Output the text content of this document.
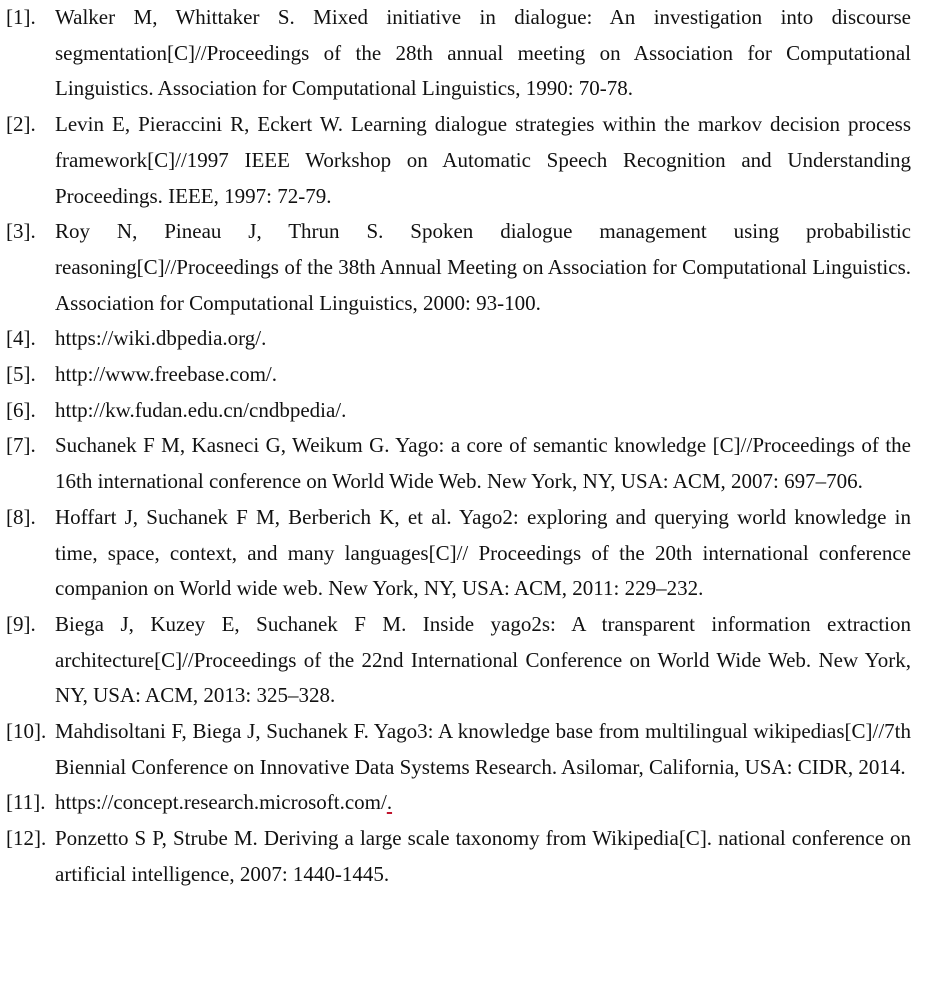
[1]. Walker M, Whittaker S. Mixed initiative in dialogue: An investigation into discourse segmentation[C]//Proceedings of the 28th annual meeting on Association for Computational Linguistics. Association for Computational Linguistics, 1990: 70-78.

[2]. Levin E, Pieraccini R, Eckert W. Learning dialogue strategies within the markov decision process framework[C]//1997 IEEE Workshop on Automatic Speech Recognition and Understanding Proceedings. IEEE, 1997: 72-79.

[3]. Roy N, Pineau J, Thrun S. Spoken dialogue management using probabilistic reasoning[C]//Proceedings of the 38th Annual Meeting on Association for Computational Linguistics. Association for Computational Linguistics, 2000: 93-100.

[4]. https://wiki.dbpedia.org/.

[5]. http://www.freebase.com/.

[6]. http://kw.fudan.edu.cn/cndbpedia/.

[7]. Suchanek F M, Kasneci G, Weikum G. Yago: a core of semantic knowledge [C]//Proceedings of the 16th international conference on World Wide Web. New York, NY, USA: ACM, 2007: 697–706.

[8]. Hoffart J, Suchanek F M, Berberich K, et al. Yago2: exploring and querying world knowledge in time, space, context, and many languages[C]// Proceedings of the 20th international conference companion on World wide web. New York, NY, USA: ACM, 2011: 229–232.

[9]. Biega J, Kuzey E, Suchanek F M. Inside yago2s: A transparent information extraction architecture[C]//Proceedings of the 22nd International Conference on World Wide Web. New York, NY, USA: ACM, 2013: 325–328.

[10]. Mahdisoltani F, Biega J, Suchanek F. Yago3: A knowledge base from multilingual wikipedias[C]//7th Biennial Conference on Innovative Data Systems Research. Asilomar, California, USA: CIDR, 2014.

[11]. https://concept.research.microsoft.com/.

[12]. Ponzetto S P, Strube M. Deriving a large scale taxonomy from Wikipedia[C]. national conference on artificial intelligence, 2007: 1440-1445.
